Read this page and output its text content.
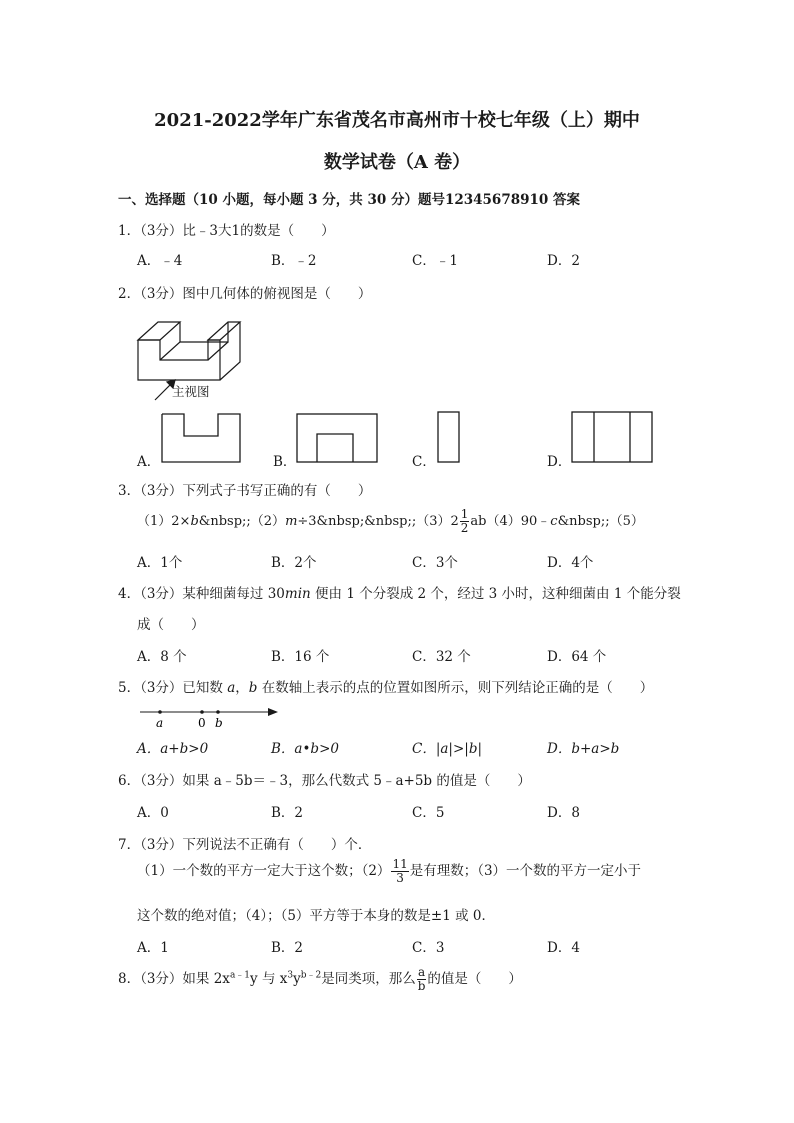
2021-2022学年广东省茂名市高州市十校七年级（上）期中
数学试卷（A 卷）
一、选择题（10 小题，每小题 3 分，共 30 分）题号12345678910 答案
1．（3分）比﹣3大1的数是（　　）
A．﹣4	B．﹣2	C．﹣1	D．2
2．（3分）图中几何体的俯视图是（　　）
主视图
A．	B．	C．	D．
3．（3分）下列式子书写正确的有（　　）
（1）2×b&nbsp;;（2）m÷3&nbsp;&nbsp;;（3）2 $\frac{1}{2}$ ab（4）90﹣c&nbsp;;（5）
A．1个	B．2个	C．3个	D．4个
4．（3分）某种细菌每过 30min 便由 1 个分裂成 2 个，经过 3 小时，这种细菌由 1 个能分裂
成（　　）
A．8 个	B．16 个	C．32 个	D．64 个
5．（3分）已知数 a，b 在数轴上表示的点的位置如图所示，则下列结论正确的是（　　）
a	0 b
A．a+b>0	B．a•b>0	C．|a|>|b|	D．b+a>b
6．（3分）如果 a﹣5b＝﹣3，那么代数式 5﹣a+5b 的值是（　　）
A．0	B．2	C．5	D．8
7．（3分）下列说法不正确有（　　）个．
（1）一个数的平方一定大于这个数；$(2) \frac{11}{3}$ 是有理数；（3）一个数的平方一定小于
这个数的绝对值；（4）；（5）平方等于本身的数是±1 或 0．
A．1	B．2	C．3	D．4
8．（3分）如果 $2x^{a﹣1}y$ 与 $x^3y^{b﹣2}$是同类项，那么 $\frac{a}{b}$ 的值是（　　）
